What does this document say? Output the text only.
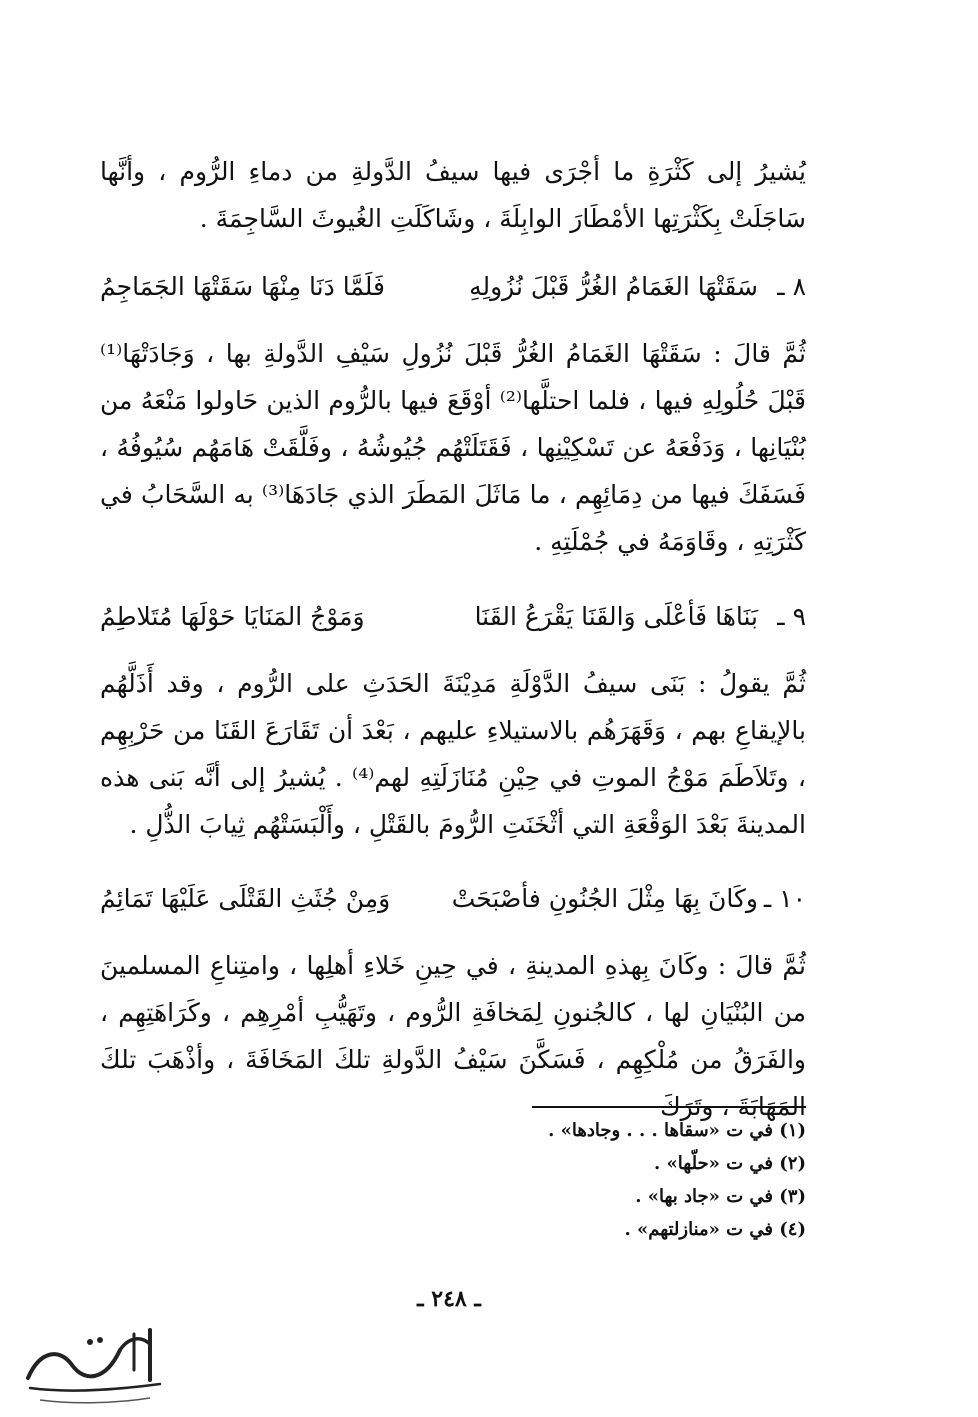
يُشيرُ إلى كَثْرَةِ ما أجْرَى فيها سيفُ الدَّولةِ من دماءِ الرُّوم ، وأنَّها سَاجَلَتْ بِكَثْرَتِها الأمْطَارَ الوابِلَةَ ، وشَاكَلَتِ الغُيوثَ السَّاجِمَةَ .
٨ ـ
سَقَتْهَا الغَمَامُ الغُرُّ قَبْلَ نُزُولِهِ
فَلَمَّا دَنَا مِنْهَا سَقَتْهَا الجَمَاجِمُ
ثُمَّ قالَ : سَقَتْهَا الغَمَامُ الغُرُّ قَبْلَ نُزُولِ سَيْفِ الدَّولةِ بها ، وَجَادَتْهَا⁽¹⁾ قَبْلَ حُلُولِهِ فيها ، فلما احتلَّها⁽²⁾ أوْقَعَ فيها بالرُّوم الذين حَاولوا مَنْعَهُ من بُنْيَانِها ، وَدَفْعَهُ عن تَسْكِيْنِها ، فَقَتَلَتْهُم جُيُوشُهُ ، وفَلَّقَتْ هَامَهُم سُيُوفُهُ ، فَسَفَكَ فيها من دِمَائِهِم ، ما مَاثَلَ المَطَرَ الذي جَادَهَا⁽³⁾ به السَّحَابُ في كَثْرَتِهِ ، وقَاوَمَهُ في جُمْلَتِهِ .
٩ ـ
بَنَاهَا فَأعْلَى وَالقَنَا يَقْرَعُ القَنَا
وَمَوْجُ المَنَايَا حَوْلَهَا مُتَلاطِمُ
ثُمَّ يقولُ : بَنَى سيفُ الدَّوْلَةِ مَدِيْنَةَ الحَدَثِ على الرُّوم ، وقد أَذَلَّهُم بالإيقاعِ بهم ، وَقَهَرَهُم بالاستيلاءِ عليهم ، بَعْدَ أن تَقَارَعَ القَنَا من حَرْبِهِم ، وتَلاَطَمَ مَوْجُ الموتِ في حِيْنِ مُنَازَلَتِهِ لهم⁽⁴⁾ . يُشيرُ إلى أنَّه بَنى هذه المدينةَ بَعْدَ الوَقْعَةِ التي أثْخَنَتِ الرُّومَ بالقَتْلِ ، وأَلْبَسَتْهُم ثِيابَ الذُّلِ .
١٠ ـ
وكَانَ بِهَا مِثْلَ الجُنُونِ فأصْبَحَتْ
وَمِنْ جُثَثِ القَتْلَى عَلَيْهَا تَمَائِمُ
ثُمَّ قالَ : وكَانَ بِهذهِ المدينةِ ، في حِينِ خَلاءِ أهلِها ، وامتِناعِ المسلمينَ من البُنْيَانِ لها ، كالجُنونِ لِمَخافَةِ الرُّوم ، وتَهَيُّبِ أمْرِهِم ، وكَرَاهَتِهِم ، والفَرَقُ من مُلْكِهِم ، فَسَكَّنَ سَيْفُ الدَّولةِ تلكَ المَخَافَةَ ، وأذْهَبَ تلكَ المَهَابَةَ ، وتَرَكَ
(١) في ت «سقاها . . . وجادها» .
(٢) في ت «حلّها» .
(٣) في ت «جاد بها» .
(٤) في ت «منازلتهم» .
ـ ٢٤٨ ـ
